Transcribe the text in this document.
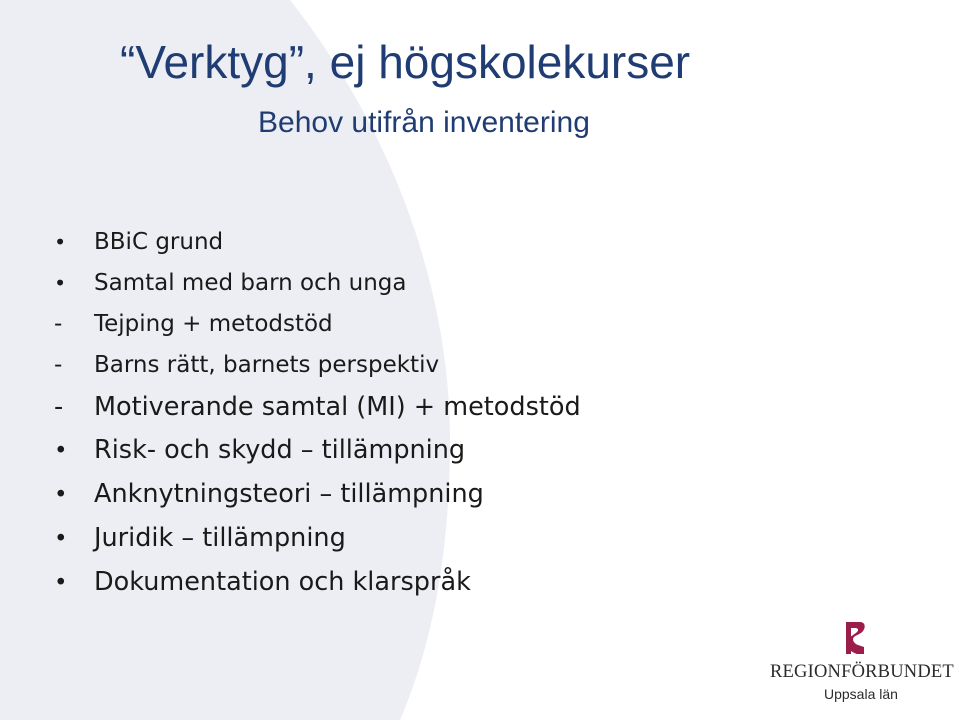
“Verktyg”, ej högskolekurser
Behov utifrån inventering
•	BBiC grund
•	Samtal med barn och unga
-	Tejping + metodstöd
-	Barns rätt, barnets perspektiv
-	Motiverande samtal (MI) + metodstöd
•	Risk- och skydd – tillämpning
•	Anknytningsteori – tillämpning
•	Juridik – tillämpning
•	Dokumentation och klarspråk
REGIONFÖRBUNDET
Uppsala län
